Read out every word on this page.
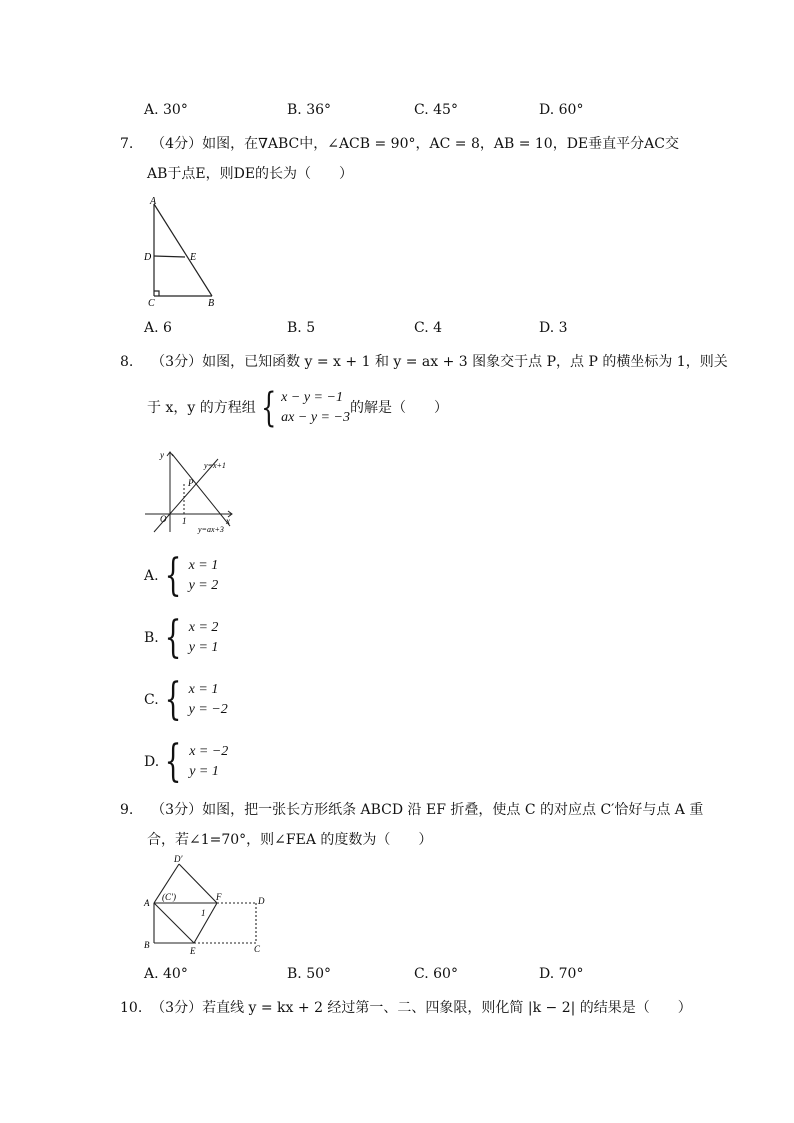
A. 30°	B. 36°	C. 45°	D. 60°
7.    （4分）如图，在∇ABC中，∠ACB = 90°，AC = 8，AB = 10，DE垂直平分AC交
AB于点E，则DE的长为（　　）
A
D	E
C	B
A. 6	B. 5	C. 4	D. 3
8.    （3分）如图，已知函数 y = x + 1 和 y = ax + 3 图象交于点 P，点 P 的横坐标为 1，则关
于 x，y 的方程组 { x − y = −1
ax − y = −3
的解是（　　）
y
x
O 1
P
y=x+1
y=ax+3
A. { x = 1
y = 2
B. { x = 2
y = 1
C. { x = 1
y = −2
D. { x = −2
y = 1
9.    （3分）如图，把一张长方形纸条 ABCD 沿 EF 折叠，使点 C 的对应点 C′恰好与点 A 重
合，若∠1=70°，则∠FEA 的度数为（　　）
D′
A
(C′)	F	D
1
B
E	C
A. 40°	B. 50°	C. 60°	D. 70°
10.  （3分）若直线 y = kx + 2 经过第一、二、四象限，则化简 |k − 2| 的结果是（　　）
